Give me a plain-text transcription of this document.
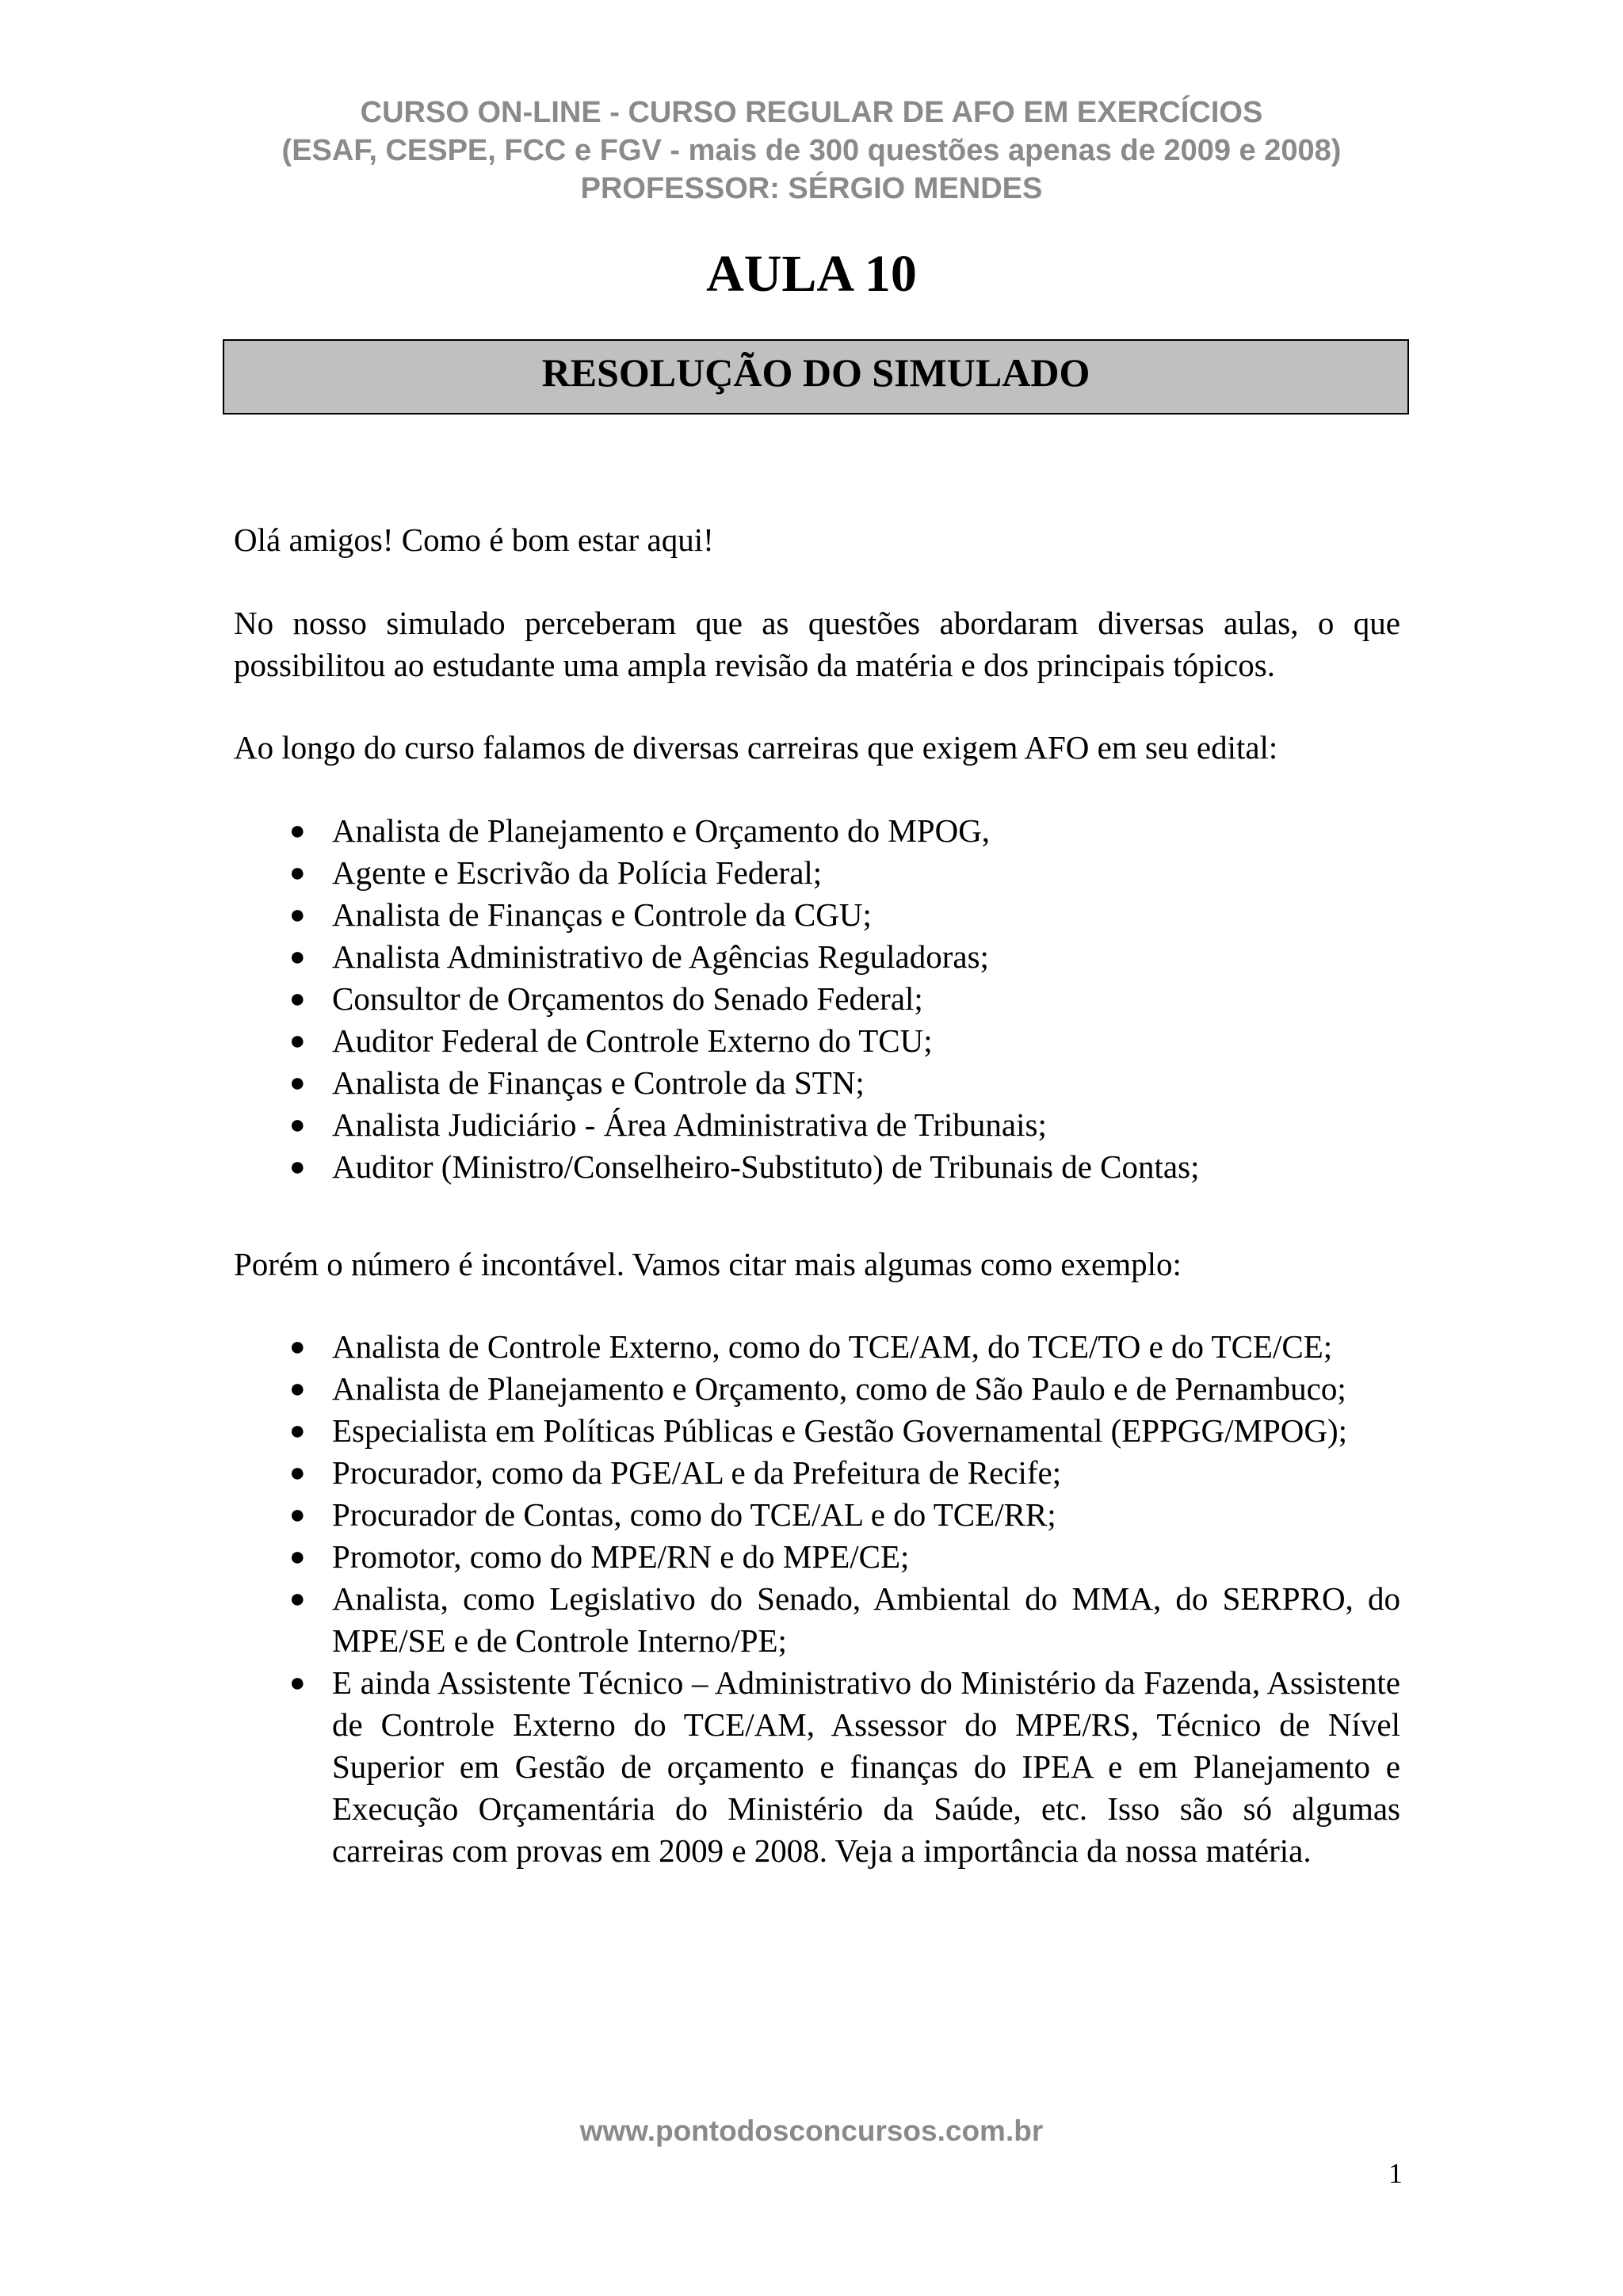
CURSO ON-LINE - CURSO REGULAR DE AFO EM EXERCÍCIOS
(ESAF, CESPE, FCC e FGV - mais de 300 questões apenas de 2009 e 2008)
PROFESSOR: SÉRGIO MENDES
AULA 10
RESOLUÇÃO DO SIMULADO

Olá amigos! Como é bom estar aqui!

No nosso simulado perceberam que as questões abordaram diversas aulas, o que possibilitou ao estudante uma ampla revisão da matéria e dos principais tópicos.

Ao longo do curso falamos de diversas carreiras que exigem AFO em seu edital:

● Analista de Planejamento e Orçamento do MPOG,
● Agente e Escrivão da Polícia Federal;
● Analista de Finanças e Controle da CGU;
● Analista Administrativo de Agências Reguladoras;
● Consultor de Orçamentos do Senado Federal;
● Auditor Federal de Controle Externo do TCU;
● Analista de Finanças e Controle da STN;
● Analista Judiciário - Área Administrativa de Tribunais;
● Auditor (Ministro/Conselheiro-Substituto) de Tribunais de Contas;

Porém o número é incontável. Vamos citar mais algumas como exemplo:

● Analista de Controle Externo, como do TCE/AM, do TCE/TO e do TCE/CE;
● Analista de Planejamento e Orçamento, como de São Paulo e de Pernambuco;
● Especialista em Políticas Públicas e Gestão Governamental (EPPGG/MPOG);
● Procurador, como da PGE/AL e da Prefeitura de Recife;
● Procurador de Contas, como do TCE/AL e do TCE/RR;
● Promotor, como do MPE/RN e do MPE/CE;
● Analista, como Legislativo do Senado, Ambiental do MMA, do SERPRO, do MPE/SE e de Controle Interno/PE;
● E ainda Assistente Técnico – Administrativo do Ministério da Fazenda, Assistente de Controle Externo do TCE/AM, Assessor do MPE/RS, Técnico de Nível Superior em Gestão de orçamento e finanças do IPEA e em Planejamento e Execução Orçamentária do Ministério da Saúde, etc. Isso são só algumas carreiras com provas em 2009 e 2008. Veja a importância da nossa matéria.
www.pontodosconcursos.com.br
1
